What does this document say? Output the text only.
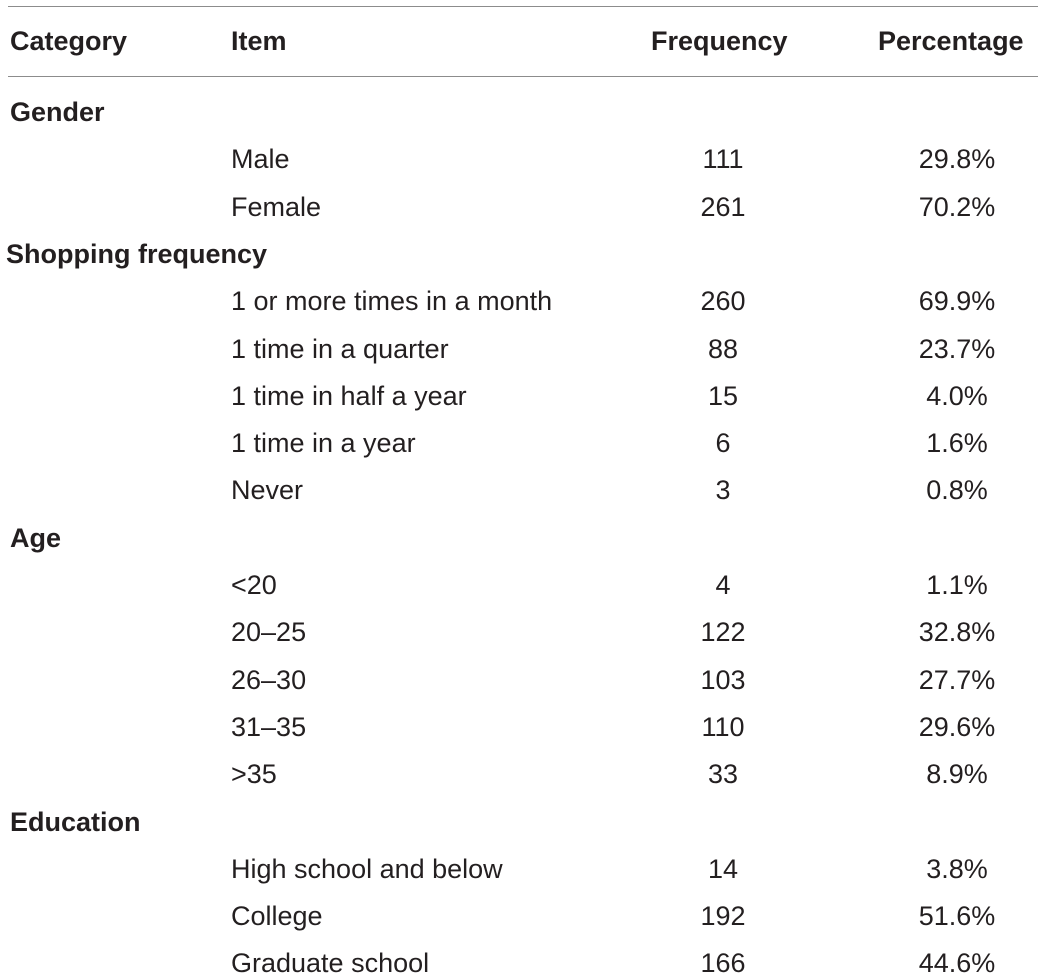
Category	Item	Frequency	Percentage
Gender
Male	111	29.8%
Female	261	70.2%
Shopping frequency
1 or more times in a month	260	69.9%
1 time in a quarter	88	23.7%
1 time in half a year	15	4.0%
1 time in a year	6	1.6%
Never	3	0.8%
Age
<20	4	1.1%
20–25	122	32.8%
26–30	103	27.7%
31–35	110	29.6%
>35	33	8.9%
Education
High school and below	14	3.8%
College	192	51.6%
Graduate school	166	44.6%
